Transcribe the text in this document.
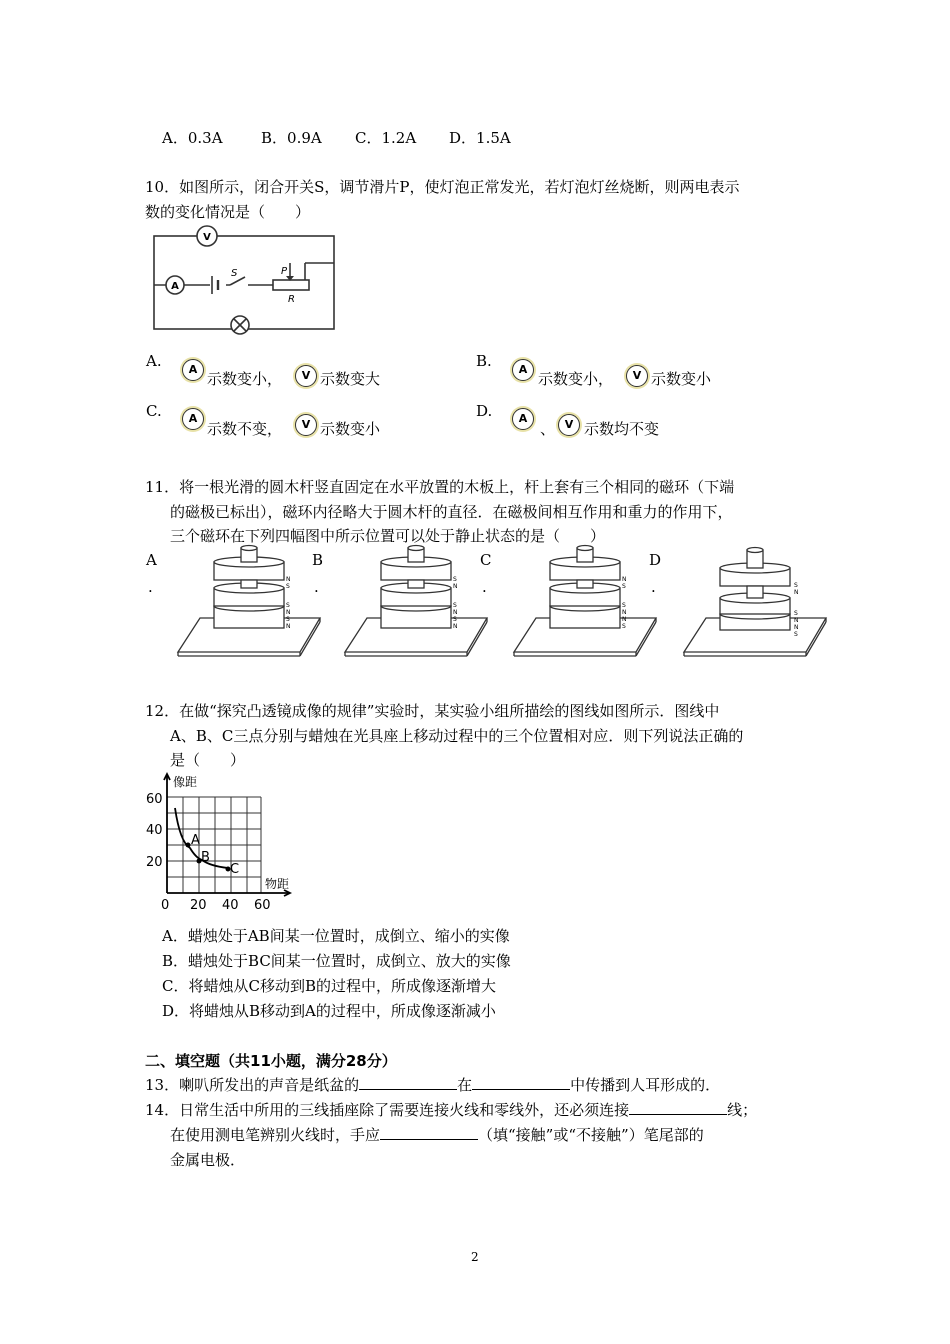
A．0.3A	B．0.9A C．1.2A D．1.5A
10．如图所示，闭合开关S，调节滑片P，使灯泡正常发光，若灯泡灯丝烧断，则两电表示
数的变化情况是（　　）
V
A
S	P
R
A.	A
示数变小，	V 示数变大
B.	A
示数变小，	V 示数变小
C.	A
示数不变，	V 示数变小
D.	A
、 V 示数均不变
11．将一根光滑的圆木杆竖直固定在水平放置的木板上，杆上套有三个相同的磁环（下端
的磁极已标出），磁环内径略大于圆木杆的直径．在磁极间相互作用和重力的作用下，
三个磁环在下列四幅图中所示位置可以处于静止状态的是（　　）
A
.
B
.
C
.
D
.
N
S
S
N
S
N
S
N
S
N
S
N
N
S
S
N
N
S
S
N
S
N
N
S
12．在做“探究凸透镜成像的规律”实验时，某实验小组所描绘的图线如图所示．图线中
A、B、C三点分别与蜡烛在光具座上移动过程中的三个位置相对应．则下列说法正确的
是（　　）
A
B
C
像距
物距
60
40
20
0 20 40 60
A．蜡烛处于AB间某一位置时，成倒立、缩小的实像
B．蜡烛处于BC间某一位置时，成倒立、放大的实像
C．将蜡烛从C移动到B的过程中，所成像逐渐增大
D．将蜡烛从B移动到A的过程中，所成像逐渐减小
二、填空题（共11小题，满分28分）
13．喇叭所发出的声音是纸盆的	在	中传播到人耳形成的．
14．日常生活中所用的三线插座除了需要连接火线和零线外，还必须连接	线；
在使用测电笔辨别火线时，手应	（填“接触”或“不接触”）笔尾部的
金属电极．
2
